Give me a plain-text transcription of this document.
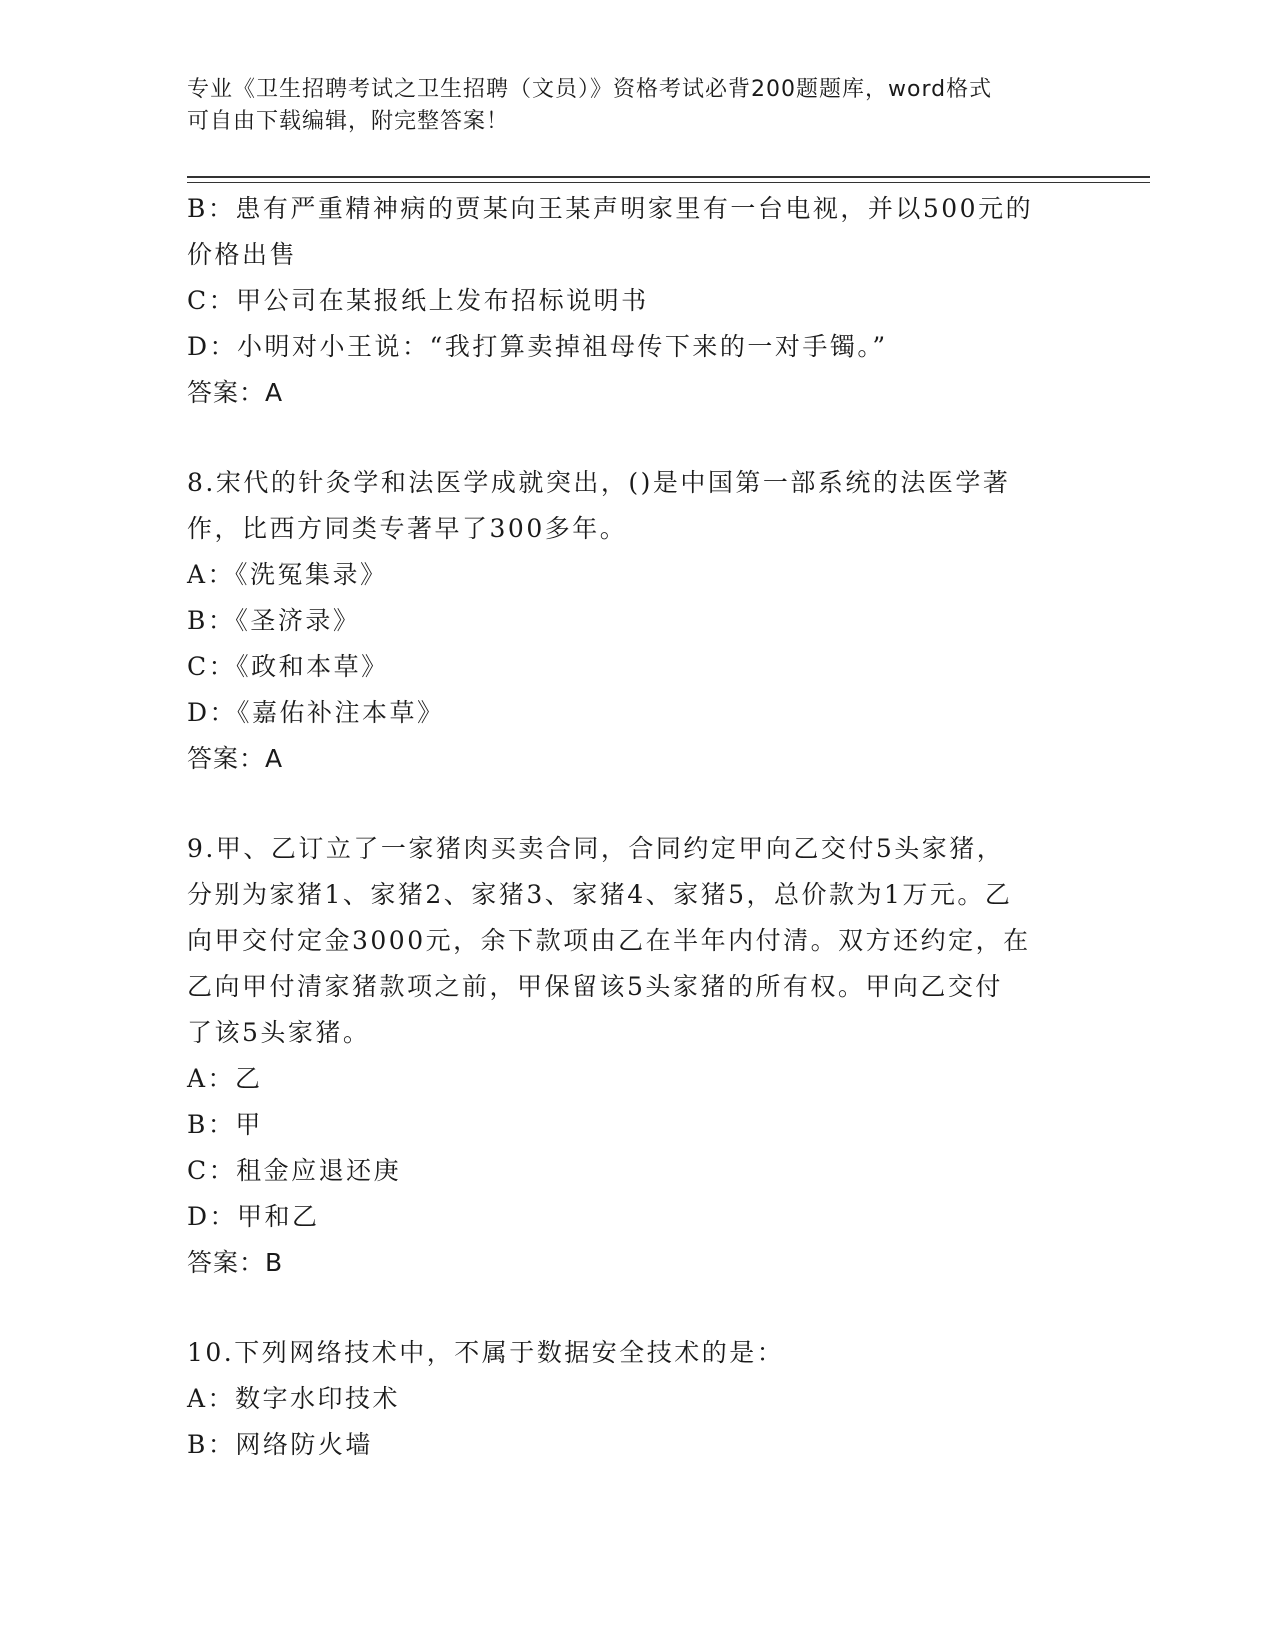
专业《卫生招聘考试之卫生招聘（文员）》资格考试必背200题题库，word格式
可自由下载编辑，附完整答案！
B：患有严重精神病的贾某向王某声明家里有一台电视，并以500元的
价格出售
C：甲公司在某报纸上发布招标说明书
D：小明对小王说：“我打算卖掉祖母传下来的一对手镯。”
答案：A
8.宋代的针灸学和法医学成就突出，()是中国第一部系统的法医学著
作，比西方同类专著早了300多年。
A：《洗冤集录》
B：《圣济录》
C：《政和本草》
D：《嘉佑补注本草》
答案：A
9.甲、乙订立了一家猪肉买卖合同，合同约定甲向乙交付5头家猪，
分别为家猪1、家猪2、家猪3、家猪4、家猪5，总价款为1万元。乙
向甲交付定金3000元，余下款项由乙在半年内付清。双方还约定，在
乙向甲付清家猪款项之前，甲保留该5头家猪的所有权。甲向乙交付
了该5头家猪。
A：乙
B：甲
C：租金应退还庚
D：甲和乙
答案：B
10.下列网络技术中，不属于数据安全技术的是：
A：数字水印技术
B：网络防火墙
